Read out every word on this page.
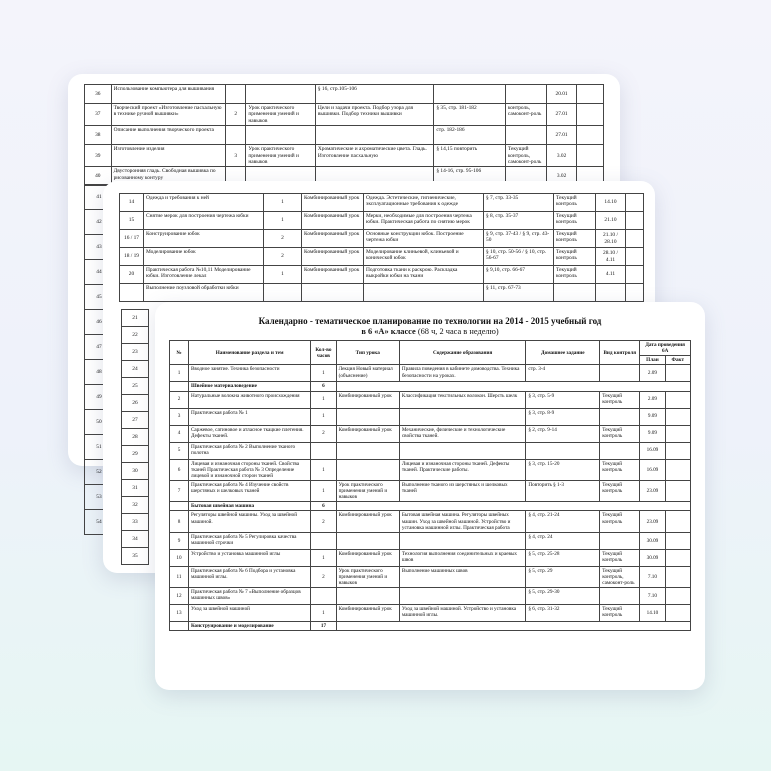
36	Использование компьютера для вышивания			§ 16, стр.105-106			20.01	
37	Творческий проект «Изготовление пасхальную в технике ручной вышивки»	2	Урок практического применения умений и навыков	Цели и задачи проекта. Подбор узора для вышивки. Подбор техники вышивки	§ 35, стр. 181-182	контроль, самоконт-роль	27.01	
38	Описание выполнения творческого проекта				стр. 182-186		27.01	
39	Изготовление изделия	3	Урок практического применения умений и навыков	Хроматические и ахроматические цвета. Гладь. Изготовление пасхальную	§ 14,15 повторить	Текущий контроль, самоконт-роль	3.02	
40	Двусторонняя гладь. Свободная вышивка по рисованному контуру				§ 14-16, стр. 95-106		3.02	
41
42
43
44
45
46
47
48
49
50
51
52
53
54
14	Одежда и требования к ней	1	Комбинированный урок	Одежда. Эстетические, гигиенические, эксплуатационные требования к одежде	§ 7, стр. 33-35	Текущий контроль	14.10	
15	Снятие мерок для построения чертежа юбки	1	Комбинированный урок	Мерки, необходимые для построения чертежа юбки. Практическая работа по снятию мерок	§ 8, стр. 35-37	Текущий контроль	21.10	
16 / 17	Конструирование юбок	2	Комбинированный урок	Основные конструкции юбок. Построение чертежа юбки	§ 9, стр. 37-43 / § 9, стр. 43-50	Текущий контроль	21.10 / 28.10	
18 / 19	Моделирование юбок	2	Комбинированный урок	Моделирование клиньевой, клиньевой и конической юбок	§ 10, стр. 50-56 / § 10, стр. 56-67	Текущий контроль	28.10 / 4.11	
20	Практическая работа №10,11 Моделирование юбки. Изготовление лекал	1	Комбинированный урок	Подготовка ткани к раскрою. Раскладка выкройки юбки на ткани	§ 9,10, стр. 66-67	Текущий контроль	4.11	
	Выполнение поузловой обработки юбки				§ 11, стр. 67-73			
21
22
23
24
25
26
27
28
29
30
31
32
33
34
35
Календарно - тематическое планирование по технологии на 2014 - 2015 учебный год
в 6 «А» классе (68 ч, 2 часа в неделю)
№	Наименование раздела и тем	Кол-во часов	Тип урока	Содержание образования	Домашнее задание	Вид контроля	Дата проведения 6А	
							План	Факт
1	Вводное занятие. Техника безопасности	1	Лекция Новый материал (объяснение)	Правила поведения в кабинете домоводства. Техника безопасности на уроках.	стр. 3-4		2.09	
	Швейное материаловедение	6						
2	Натуральные волокна животного происхождения	1	Комбинированный урок	Классификация текстильных волокон. Шерсть шелк	§ 3, стр. 5-9	Текущий контроль	2.09	
3	Практическая работа № 1	1			§ 3, стр. 8-9		9.09	
4	Саржевое, сатиновое и атласное ткацкие плетения. Дефекты тканей.	2	Комбинированный урок	Механические, физические и технологические свойства тканей.	§ 2, стр. 9-14	Текущий контроль	9.09	
5	Практическая работа № 2 Выполнение тканого полотна						16.09	
6	Лицевая и изнаночная стороны тканей. Свойства тканей Практическая работа № 3 Определение лицевой и изнаночной сторон тканей	1		Лицевая и изнаночная стороны тканей. Дефекты тканей. Практические работы.	§ 3, стр. 15-20	Текущий контроль	16.09	
7	Практическая работа № 4 Изучение свойств шерстяных и шелковых тканей	1	Урок практического применения умений и навыков	Выполнение тканого из шерстяных и шелковых тканей	Повторить § 1-3	Текущий контроль	23.09	
	Бытовая швейная машина	6						
8	Регуляторы швейной машины. Уход за швейной машиной.	2	Комбинированный урок	Бытовая швейная машина. Регуляторы швейных машин. Уход за швейной машиной. Устройство и установка машинной иглы. Практическая работа	§ 4, стр. 21-24	Текущий контроль	23.09	
9	Практическая работа № 5 Регулировка качества машинной строчки				§ 4, стр. 24		30.09	
10	Устройство и установка машинной иглы	1	Комбинированный урок	Технология выполнения соединительных и краевых швов	§ 5, стр. 25-28	Текущий контроль	30.09	
11	Практическая работа № 6 Подбора и установка машинной иглы.	2	Урок практического применения умений и навыков	Выполнение машинных швов	§ 5, стр. 29	Текущий контроль, самоконт-роль	7.10	
12	Практическая работа № 7 «Выполнение образцов машинных швов»				§ 5, стр. 29-30		7.10	
13	Уход за швейной машиной	1	Комбинированный урок	Уход за швейной машиной. Устройство и установка машинной иглы.	§ 6, стр. 31-32	Текущий контроль	14.10	
	Конструирование и моделирование	17						
